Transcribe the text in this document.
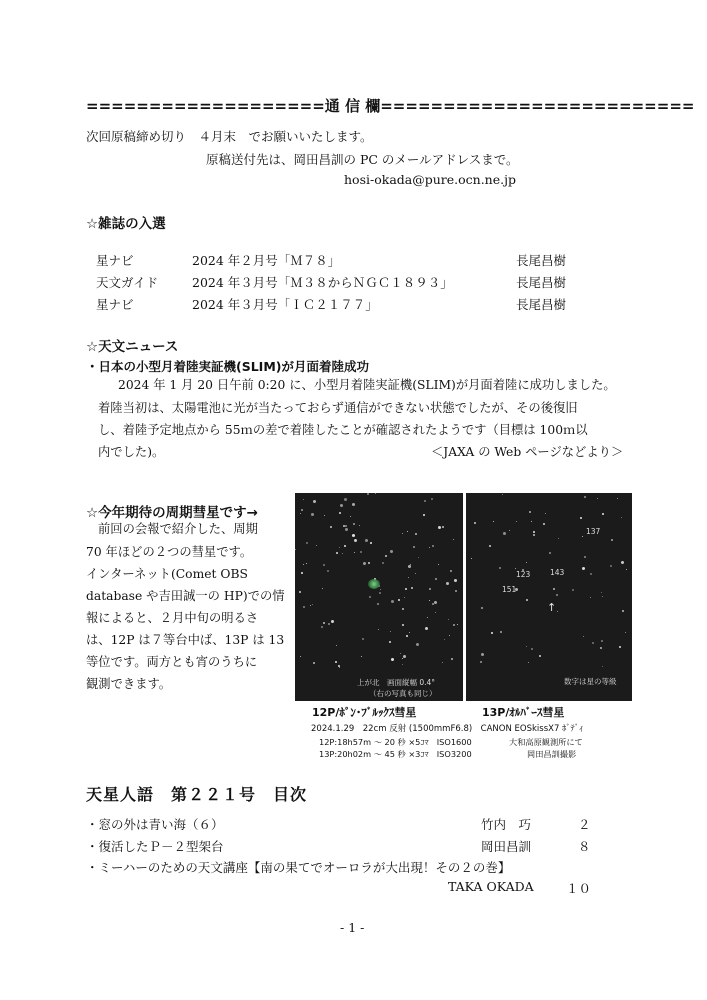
===================通 信 欄=========================
次回原稿締め切り　４月末　でお願いいたします。
原稿送付先は、岡田昌訓の PC のメールアドレスまで。
hosi-okada@pure.ocn.ne.jp
☆雑誌の入選
星ナビ	2024 年２月号「Ｍ７８」	長尾昌樹
天文ガイド	2024 年３月号「Ｍ３８からＮＧＣ１８９３」	長尾昌樹
星ナビ	2024 年３月号「ＩＣ２１７７」	長尾昌樹
☆天文ニュース
・日本の小型月着陸実証機(SLIM)が月面着陸成功
2024 年 1 月 20 日午前 0:20 に、小型月着陸実証機(SLIM)が月面着陸に成功しました。
着陸当初は、太陽電池に光が当たっておらず通信ができない状態でしたが、その後復旧
し、着陸予定地点から 55ｍの差で着陸したことが確認されたようです（目標は 100ｍ以
内でした)。	＜JAXA の Web ページなどより＞
☆今年期待の周期彗星です→
前回の会報で紹介した、周期
70 年ほどの２つの彗星です。
インターネット(Comet OBS
database や吉田誠一の HP)での情
報によると、２月中旬の明るさ
は、12P は７等台中ば、13P は 13
等位です。両方とも宵のうちに
観測できます。	上が北　画面縦幅 0.4°
（右の写真も同じ）
137
123	143
151
↑
数字は星の等級
12P/ﾎﾟﾝ･ﾌﾞﾙｯｸｽ彗星	13P/ｵﾙﾊﾞｰｽ彗星
2024.1.29　22cm 反射 (1500mmF6.8)　CANON EOSkissX7 ﾎﾞﾃﾞｨ
12P:18h57m ～ 20 秒 ×5ｺﾏ　ISO1600
13P:20h02m ～ 45 秒 ×3ｺﾏ　ISO3200
大和高原観測所にて
岡田昌訓撮影
天星人語　第２２１号　目次
・窓の外は青い海（６）	竹内　巧	２
・復活したＰ－２型架台	岡田昌訓	８
・ミーハーのための天文講座【南の果てでオーロラが大出現！その２の巻】
TAKA OKADA	１０
- 1 -
